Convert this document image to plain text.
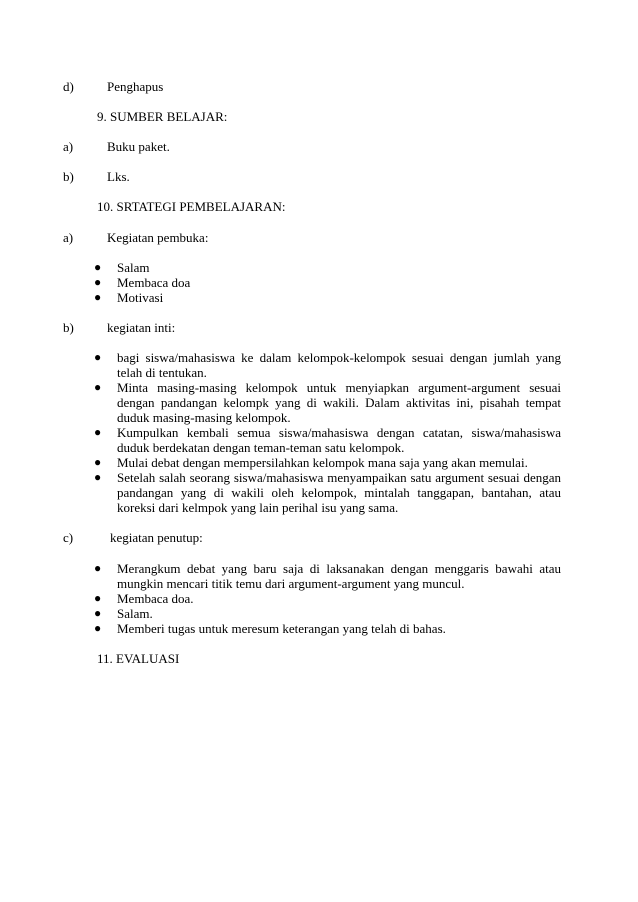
d)	Penghapus
9. SUMBER BELAJAR:
a)	Buku paket.
b)	Lks.
10. SRTATEGI PEMBELAJARAN:
a)	Kegiatan pembuka:
● Salam
● Membaca doa
● Motivasi
b)	kegiatan inti:
● bagi siswa/mahasiswa ke dalam kelompok-kelompok sesuai dengan jumlah yang telah di tentukan.
● Minta masing-masing kelompok untuk menyiapkan argument-argument sesuai dengan pandangan kelompk yang di wakili. Dalam aktivitas ini, pisahah tempat duduk masing-masing kelompok.
● Kumpulkan kembali semua siswa/mahasiswa dengan catatan, siswa/mahasiswa duduk berdekatan dengan teman-teman satu kelompok.
● Mulai debat dengan mempersilahkan kelompok mana saja yang akan memulai.
● Setelah salah seorang siswa/mahasiswa menyampaikan satu argument sesuai dengan pandangan yang di wakili oleh kelompok, mintalah tanggapan, bantahan, atau koreksi dari kelmpok yang lain perihal isu yang sama.
c)	kegiatan penutup:
● Merangkum debat yang baru saja di laksanakan dengan menggaris bawahi atau mungkin mencari titik temu dari argument-argument yang muncul.
● Membaca doa.
● Salam.
● Memberi tugas untuk meresum keterangan yang telah di bahas.
11. EVALUASI
